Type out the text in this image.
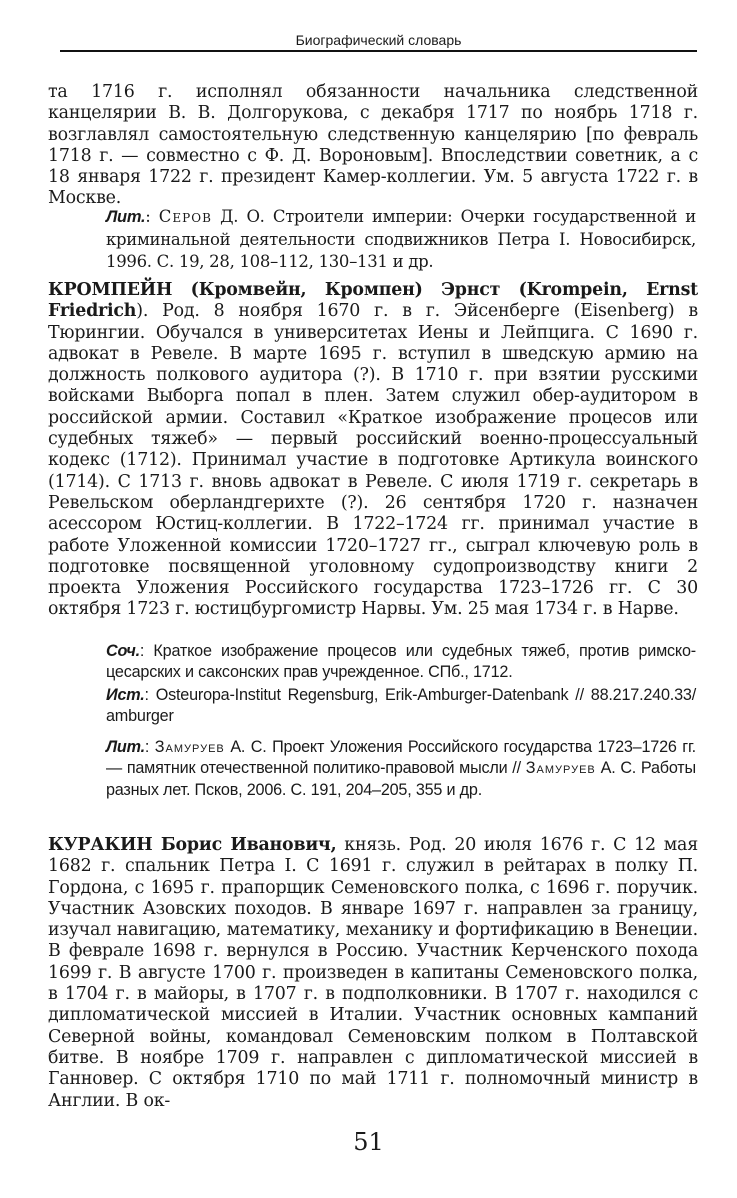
Биографический словарь

та 1716 г. исполнял обязанности начальника следственной канцелярии В. В. Долгорукова, с декабря 1717 по ноябрь 1718 г. возглавлял самостоятельную следственную канцелярию [по февраль 1718 г. — совместно с Ф. Д. Вороновым]. Впоследствии советник, а с 18 января 1722 г. президент Камер-коллегии. Ум. 5 августа 1722 г. в Москве.

Лит.: Серов Д. О. Строители империи: Очерки государственной и криминальной деятельности сподвижников Петра I. Новосибирск, 1996. С. 19, 28, 108–112, 130–131 и др.

КРОМПЕЙН (Кромвейн, Кромпен) Эрнст (Krompein, Ernst Friedrich). Род. 8 ноября 1670 г. в г. Эйсенберге (Eisenberg) в Тюрингии. Обучался в университетах Иены и Лейпцига. С 1690 г. адвокат в Ревеле. В марте 1695 г. вступил в шведскую армию на должность полкового аудитора (?). В 1710 г. при взятии русскими войсками Выборга попал в плен. Затем служил обер-аудитором в российской армии. Составил «Краткое изображение процесов или судебных тяжеб» — первый российский военно-процессуальный кодекс (1712). Принимал участие в подготовке Артикула воинского (1714). С 1713 г. вновь адвокат в Ревеле. С июля 1719 г. секретарь в Ревельском оберландгерихте (?). 26 сентября 1720 г. назначен асессором Юстиц-коллегии. В 1722–1724 гг. принимал участие в работе Уложенной комиссии 1720–1727 гг., сыграл ключевую роль в подготовке посвященной уголовному судопроизводству книги 2 проекта Уложения Российского государства 1723–1726 гг. С 30 октября 1723 г. юстицбургомистр Нарвы. Ум. 25 мая 1734 г. в Нарве.

Соч.: Краткое изображение процесов или судебных тяжеб, против римско-цесарских и саксонских прав учрежденное. СПб., 1712.

Ист.: Osteuropa-Institut Regensburg, Erik-Amburger-Datenbank // 88.217.240.33/ amburger

Лит.: Замуруев А. С. Проект Уложения Российского государства 1723–1726 гг. — памятник отечественной политико-правовой мысли // Замуруев А. С. Работы разных лет. Псков, 2006. С. 191, 204–205, 355 и др.

КУРАКИН Борис Иванович, князь. Род. 20 июля 1676 г. С 12 мая 1682 г. спальник Петра I. С 1691 г. служил в рейтарах в полку П. Гордона, с 1695 г. прапорщик Семеновского полка, с 1696 г. поручик. Участник Азовских походов. В январе 1697 г. направлен за границу, изучал навигацию, математику, механику и фортификацию в Венеции. В феврале 1698 г. вернулся в Россию. Участник Керченского похода 1699 г. В августе 1700 г. произведен в капитаны Семеновского полка, в 1704 г. в майоры, в 1707 г. в подполковники. В 1707 г. находился с дипломатической миссией в Италии. Участник основных кампаний Северной войны, командовал Семеновским полком в Полтавской битве. В ноябре 1709 г. направлен с дипломатической миссией в Ганновер. С октября 1710 по май 1711 г. полномочный министр в Англии. В ок-

51
